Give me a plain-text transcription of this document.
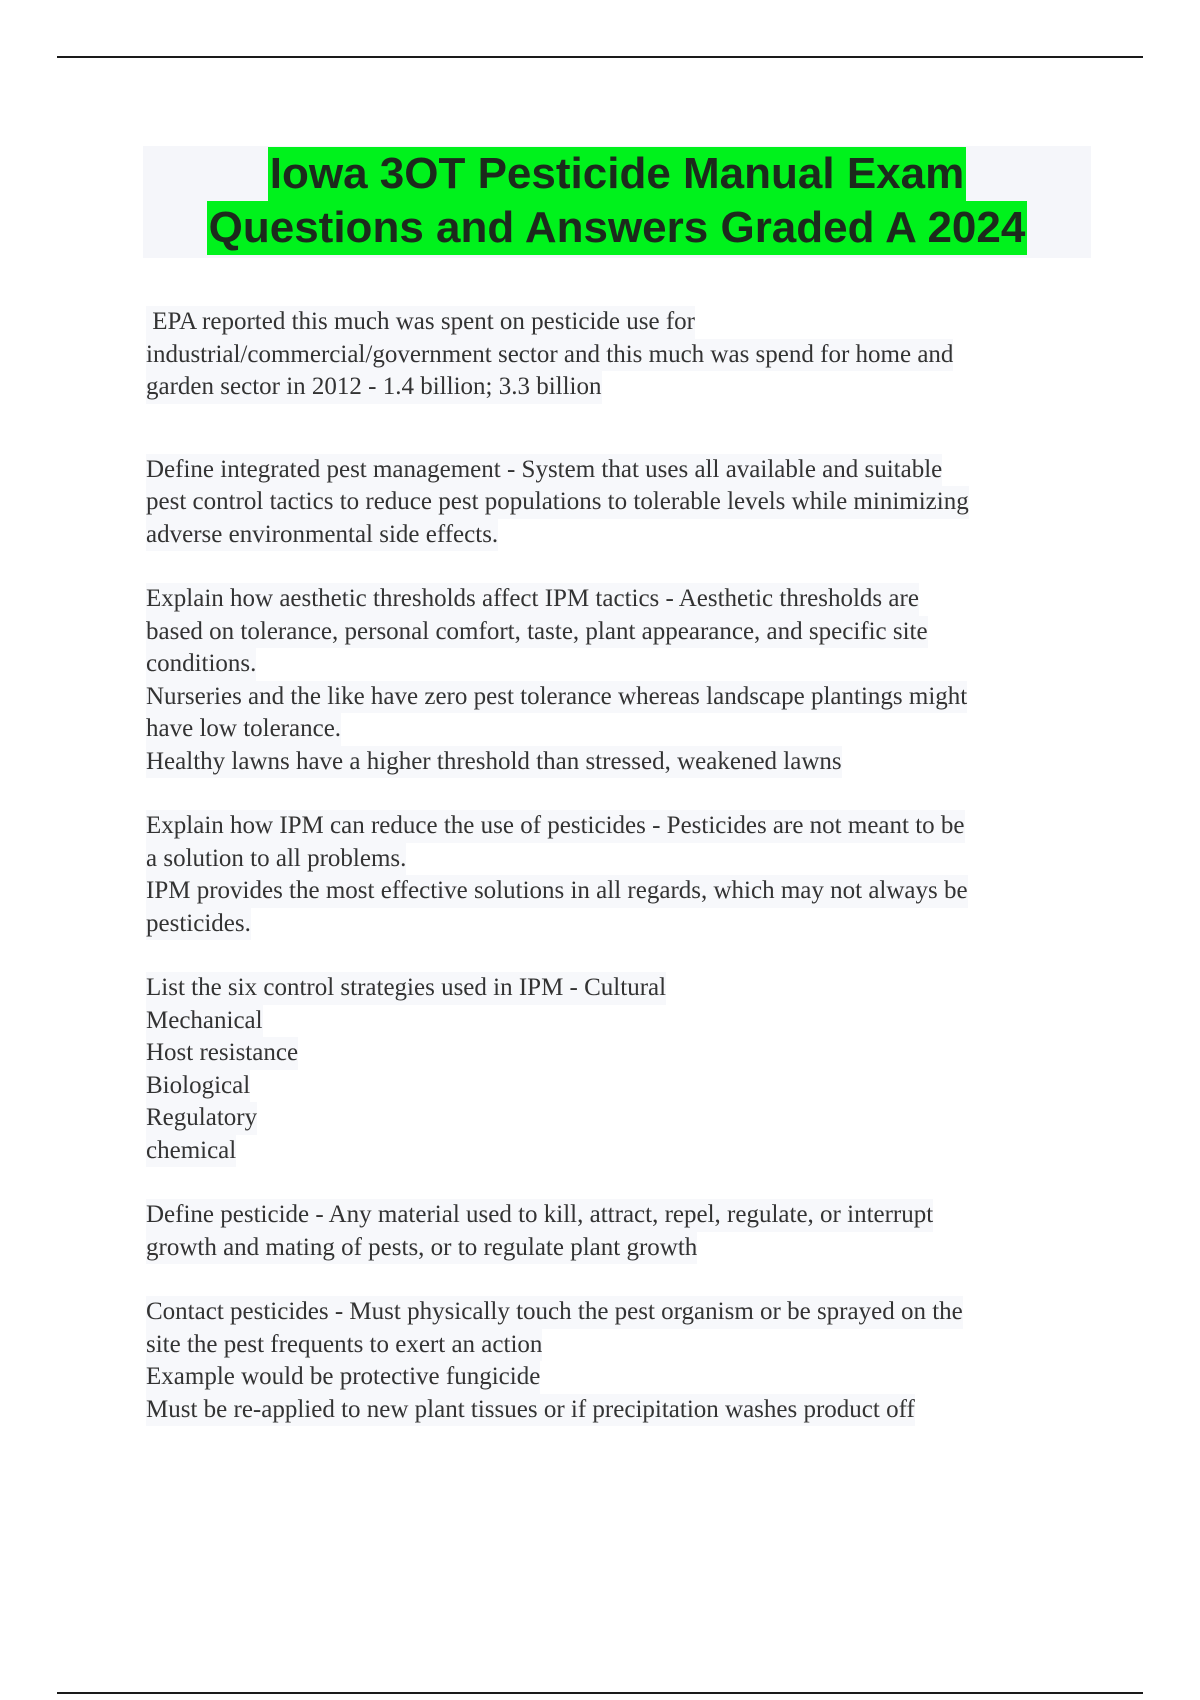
Iowa 3OT Pesticide Manual Exam
Questions and Answers Graded A 2024
EPA reported this much was spent on pesticide use for
industrial/commercial/government sector and this much was spend for home and
garden sector in 2012 - 1.4 billion; 3.3 billion
Define integrated pest management - System that uses all available and suitable
pest control tactics to reduce pest populations to tolerable levels while minimizing
adverse environmental side effects.
Explain how aesthetic thresholds affect IPM tactics - Aesthetic thresholds are
based on tolerance, personal comfort, taste, plant appearance, and specific site
conditions.
Nurseries and the like have zero pest tolerance whereas landscape plantings might
have low tolerance.
Healthy lawns have a higher threshold than stressed, weakened lawns
Explain how IPM can reduce the use of pesticides - Pesticides are not meant to be
a solution to all problems.
IPM provides the most effective solutions in all regards, which may not always be
pesticides.
List the six control strategies used in IPM - Cultural
Mechanical
Host resistance
Biological
Regulatory
chemical
Define pesticide - Any material used to kill, attract, repel, regulate, or interrupt
growth and mating of pests, or to regulate plant growth
Contact pesticides - Must physically touch the pest organism or be sprayed on the
site the pest frequents to exert an action
Example would be protective fungicide
Must be re-applied to new plant tissues or if precipitation washes product off
